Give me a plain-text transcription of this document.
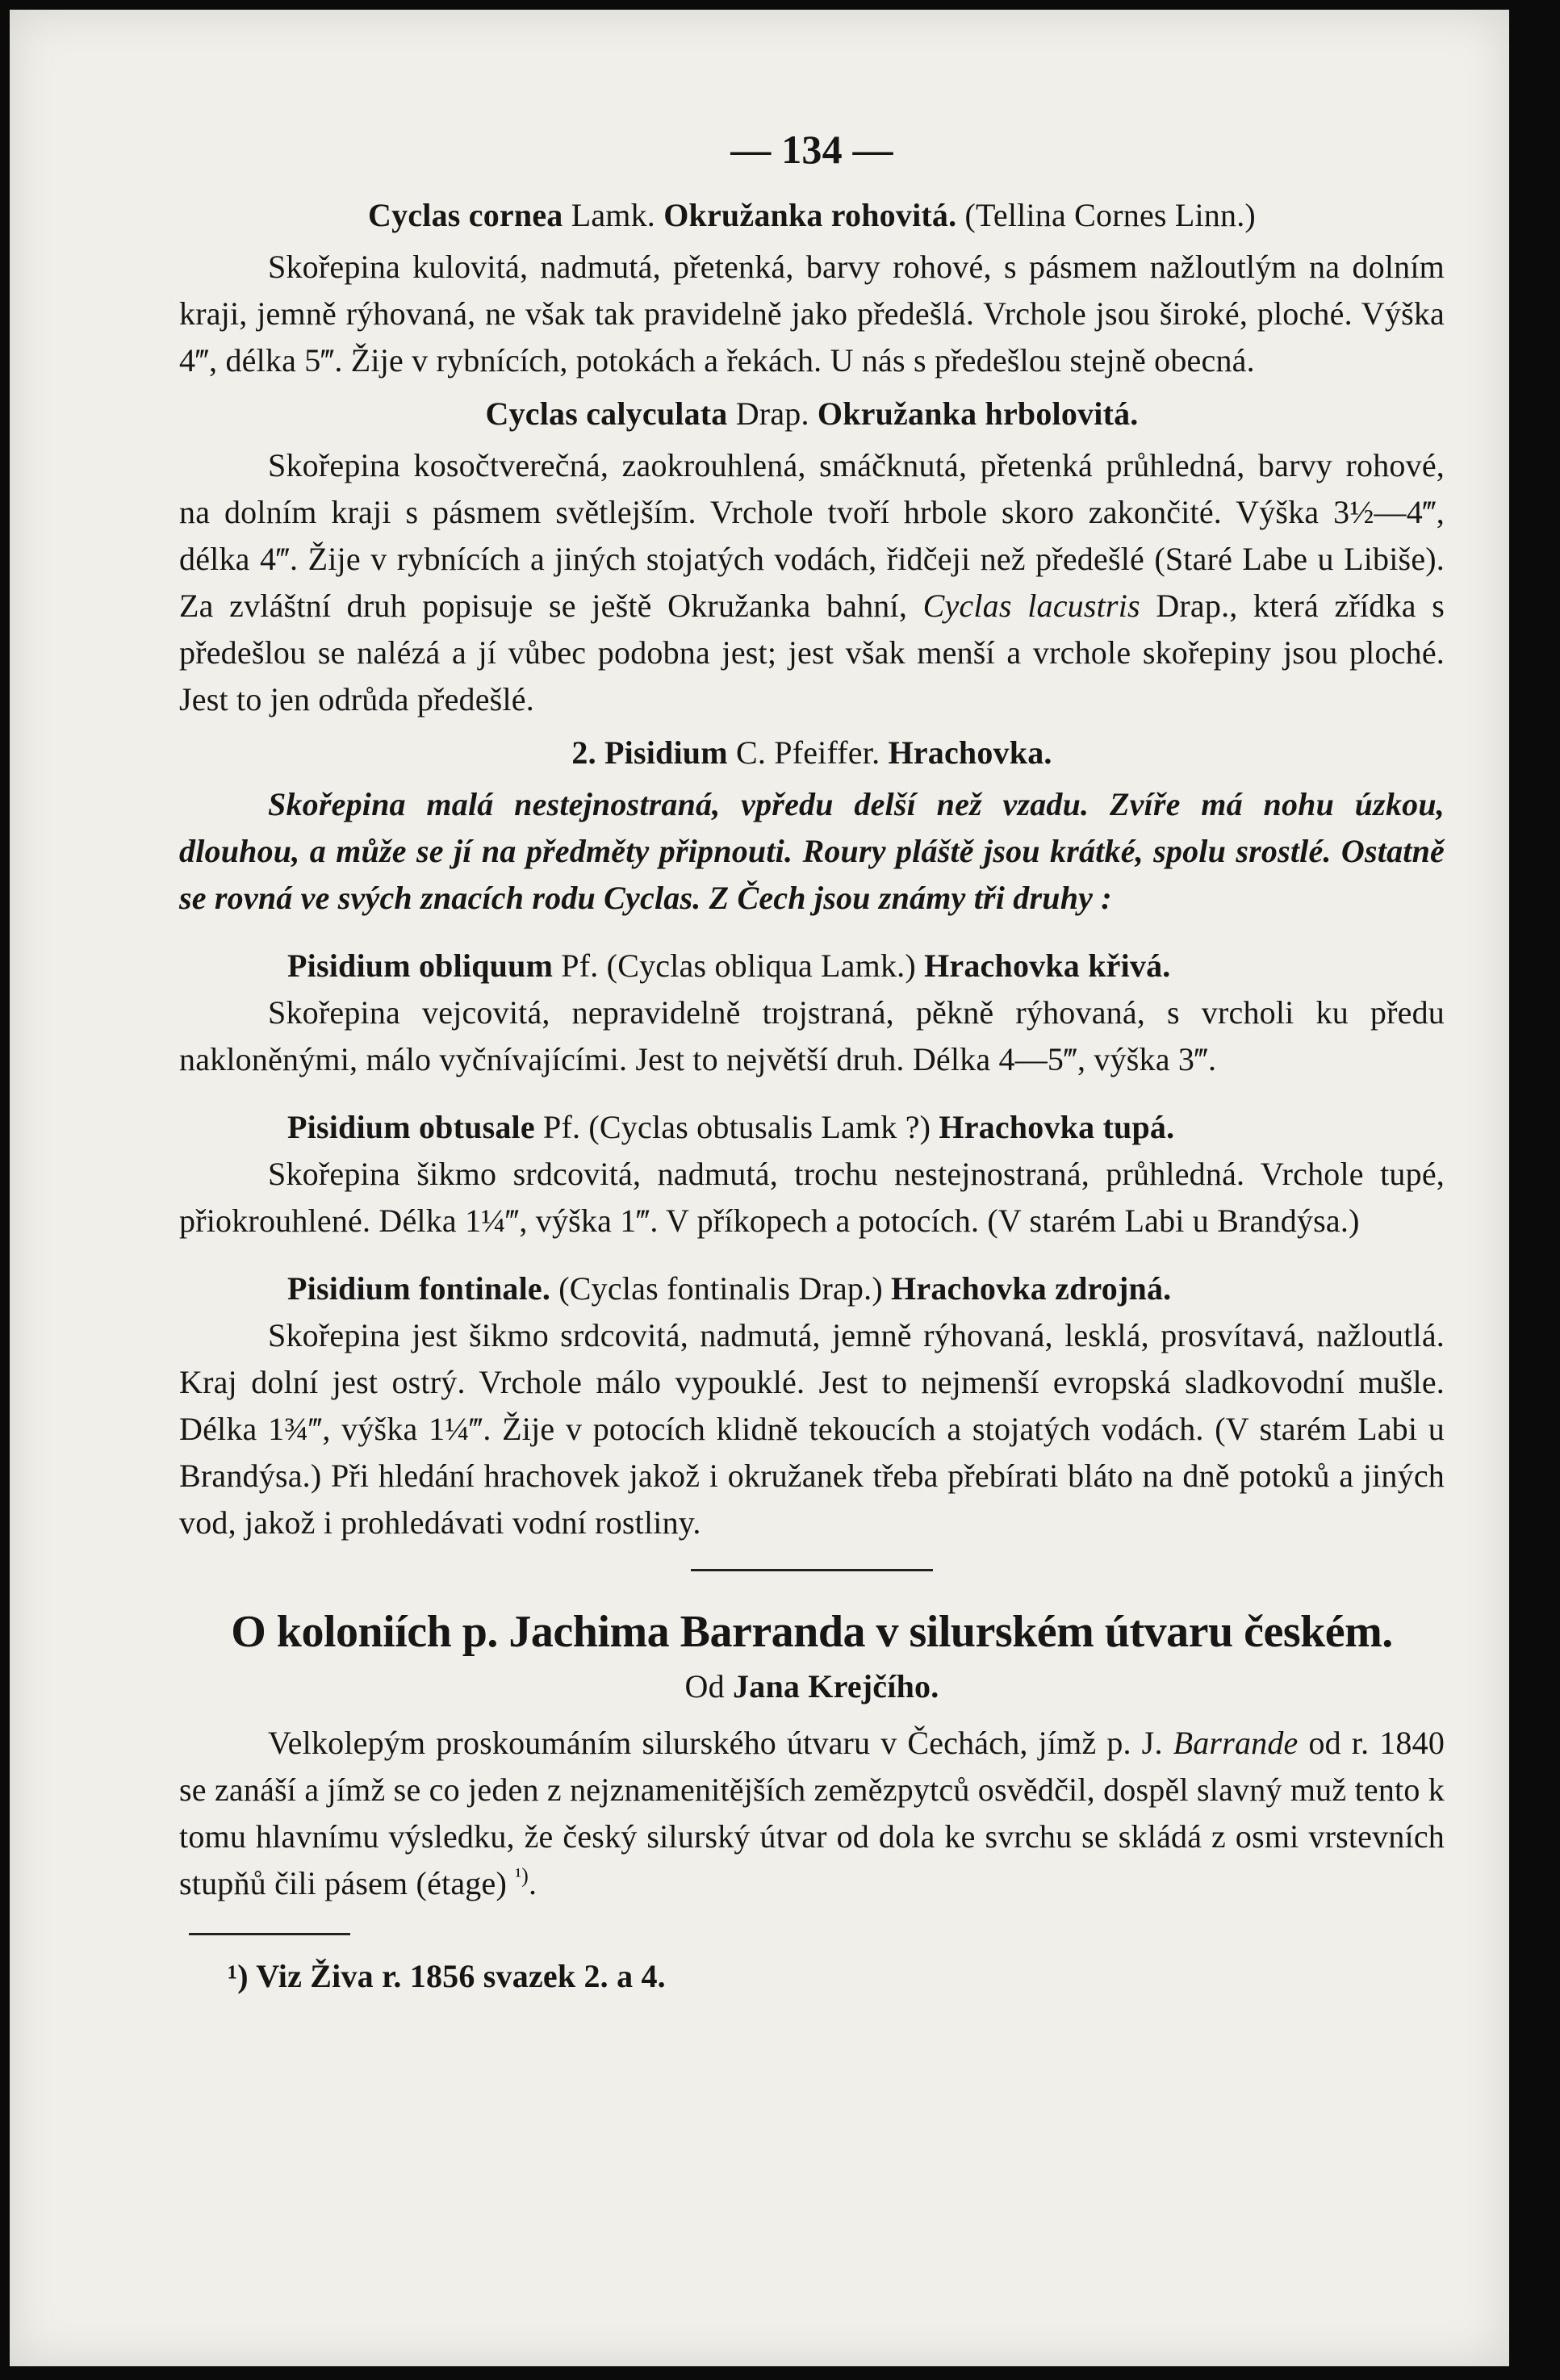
— 134 —

Cyclas cornea Lamk. Okružanka rohovitá. (Tellina Cornes Linn.)

Skořepina kulovitá, nadmutá, přetenká, barvy rohové, s pásmem nažloutlým na dolním kraji, jemně rýhovaná, ne však tak pravidelně jako předešlá. Vrchole jsou široké, ploché. Výška 4‴, délka 5‴. Žije v rybnících, potokách a řekách. U nás s předešlou stejně obecná.

Cyclas calyculata Drap. Okružanka hrbolovitá.

Skořepina kosočtverečná, zaokrouhlená, smáčknutá, přetenká průhledná, barvy rohové, na dolním kraji s pásmem světlejším. Vrchole tvoří hrbole skoro zakončité. Výška 3½—4‴, délka 4‴. Žije v rybnících a jiných stojatých vodách, řidčeji než předešlé (Staré Labe u Libiše). Za zvláštní druh popisuje se ještě Okružanka bahní, Cyclas lacustris Drap., která zřídka s předešlou se nalézá a jí vůbec podobna jest; jest však menší a vrchole skořepiny jsou ploché. Jest to jen odrůda předešlé.

2. Pisidium C. Pfeiffer. Hrachovka.

Skořepina malá nestejnostraná, vpředu delší než vzadu. Zvíře má nohu úzkou, dlouhou, a může se jí na předměty připnouti. Roury pláště jsou krátké, spolu srostlé. Ostatně se rovná ve svých znacích rodu Cyclas. Z Čech jsou známy tři druhy :

Pisidium obliquum Pf. (Cyclas obliqua Lamk.) Hrachovka křivá.

Skořepina vejcovitá, nepravidelně trojstraná, pěkně rýhovaná, s vrcholi ku předu nakloněnými, málo vyčnívajícími. Jest to největší druh. Délka 4—5‴, výška 3‴.

Pisidium obtusale Pf. (Cyclas obtusalis Lamk ?) Hrachovka tupá.

Skořepina šikmo srdcovitá, nadmutá, trochu nestejnostraná, průhledná. Vrchole tupé, přiokrouhlené. Délka 1¼‴, výška 1‴. V příkopech a potocích. (V starém Labi u Brandýsa.)

Pisidium fontinale. (Cyclas fontinalis Drap.) Hrachovka zdrojná.

Skořepina jest šikmo srdcovitá, nadmutá, jemně rýhovaná, lesklá, prosvítavá, nažloutlá. Kraj dolní jest ostrý. Vrchole málo vypouklé. Jest to nejmenší evropská sladkovodní mušle. Délka 1¾‴, výška 1¼‴. Žije v potocích klidně tekoucích a stojatých vodách. (V starém Labi u Brandýsa.) Při hledání hrachovek jakož i okružanek třeba přebírati bláto na dně potoků a jiných vod, jakož i prohledávati vodní rostliny.

O koloniích p. Jachima Barranda v silurském útvaru českém.

Od Jana Krejčího.

Velkolepým proskoumáním silurského útvaru v Čechách, jímž p. J. Barrande od r. 1840 se zanáší a jímž se co jeden z nejznamenitějších zemězpytců osvědčil, dospěl slavný muž tento k tomu hlavnímu výsledku, že český silurský útvar od dola ke svrchu se skládá z osmi vrstevních stupňů čili pásem (étage) $^{^1)}$.

¹) Viz Živa r. 1856 svazek 2. a 4.
